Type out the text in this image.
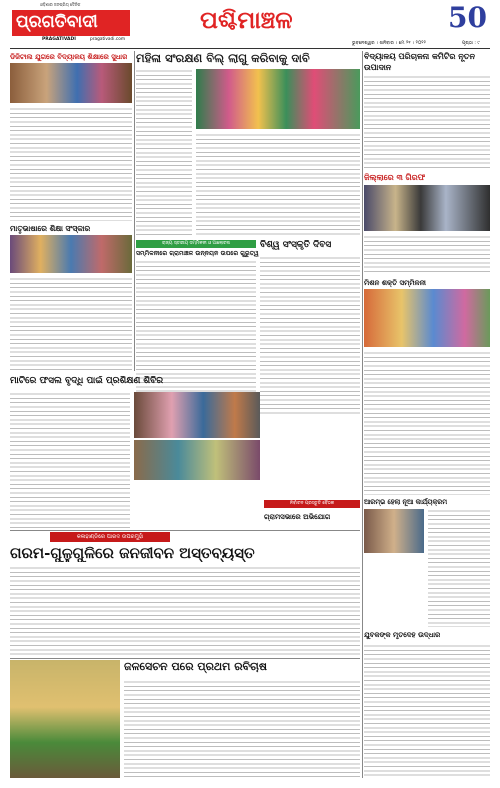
ଓଡ଼ିଶାର ଜନପ୍ରିୟ ଦୈନିକ
ପ୍ରଗତିବାଦୀ
PRAGATIVADI	pragativadi.com
ପଶ୍ଚିମାଞ୍ଚଳ	50
ଭୁବନେଶ୍ୱର । ଶନିବାର । ମେ ୨୧ । ୨୦୨୨	ପୃଷ୍ଠା : ୯
ଡିଜିଟାଲ ଯୁଗରେ ବିଦ୍ୟାଳୟ ଶିକ୍ଷାରେ ସୁଧାର ମହିଳା ସଂରକ୍ଷଣ ବିଲ୍ ଲାଗୁ କରିବାକୁ ଦାବି	ବିଦ୍ୟାଳୟ ପରିଚାଳନା କମିଟିର ନୂତନ ଉପାଦାନ
ଜିଲ୍ଲାରେ ୩ ଗିରଫ
ମାତୃଭାଷାରେ ଶିକ୍ଷା ସଂସ୍କାର
ରାଜ୍ୟ ସ୍ତରୀୟ ସମ୍ମିଳନୀ ଓ ଆଲୋଚନା
ସମ୍ମିଳନୀରେ ଗ୍ରାମାଞ୍ଚଳ ଉନ୍ନୟନ ଉପରେ ଗୁରୁତ୍ୱ
ବିଶ୍ୱ ସଂସ୍କୃତି ଦିବସ
ମିଶନ ଶକ୍ତି ସମ୍ମିଳନୀ
ମାଟିରେ ଫସଲ ବୃଦ୍ଧି ପାଇଁ ପ୍ରଶିକ୍ଷଣ ଶିବିର
ନିର୍ବାଚନ ପ୍ରସ୍ତୁତି ବୈଠକ
ଗ୍ରାମସଭାରେ ଅଭିଯୋଗ
କଳାହାଣ୍ଡିରେ ପାରଦ ଉପରମୁହାଁ
ଗରମ-ଗୁଳୁଗୁଳିରେ ଜନଜୀବନ ଅସ୍ତବ୍ୟସ୍ତ
ଆରମ୍ଭ ହେଲା ନୂଆ କାର୍ଯ୍ୟକ୍ରମ
ଜଳସେଚନ ପରେ ପ୍ରଥମ ରବିଚାଷ
ଯୁବକଙ୍କ ମୃତଦେହ ଉଦ୍ଧାର
